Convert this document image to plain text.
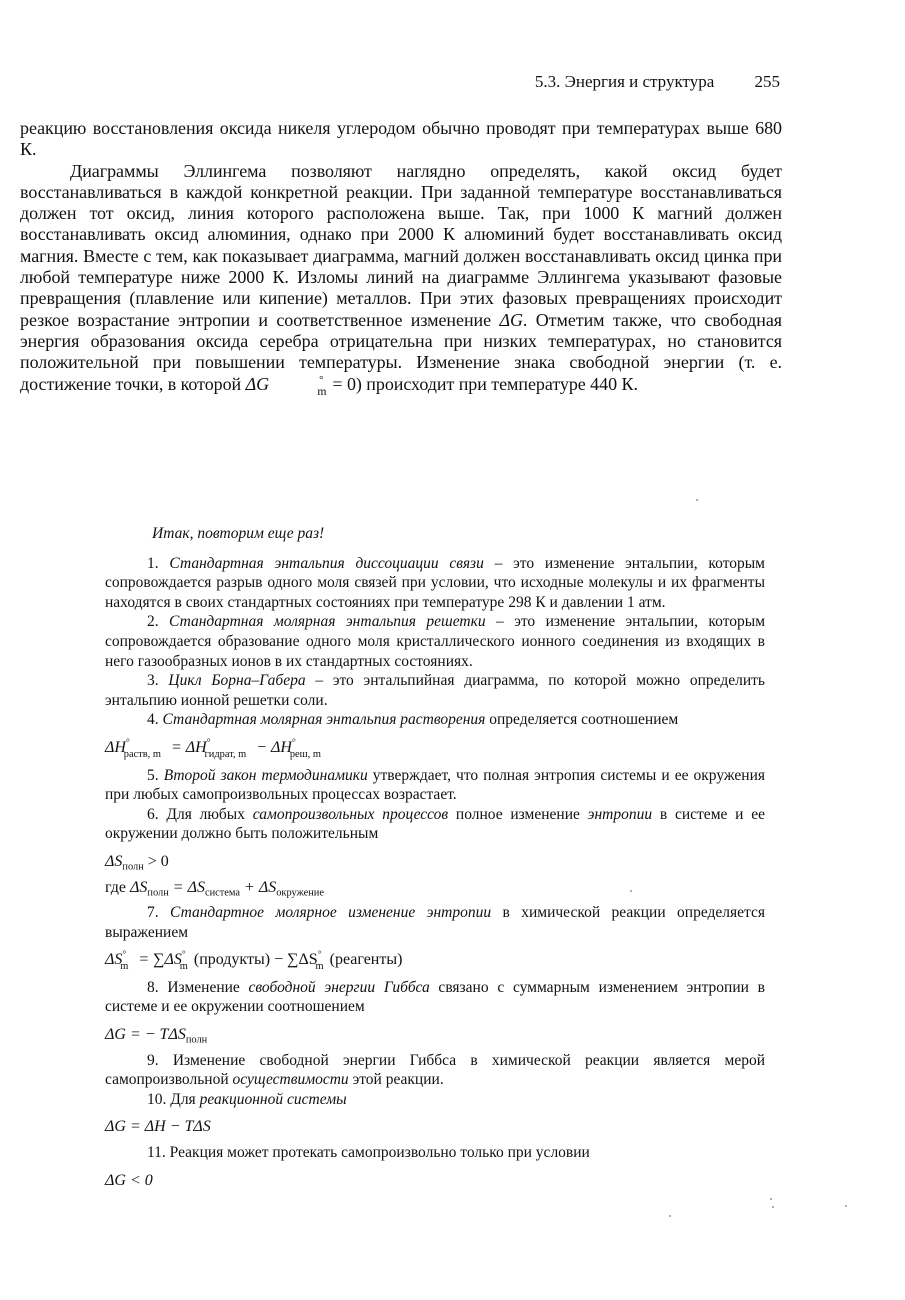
5.3. Энергия и структура 255

реакцию восстановления оксида никеля углеродом обычно проводят при температурах выше 680 К.

Диаграммы Эллингема позволяют наглядно определять, какой оксид будет восстанавливаться в каждой конкретной реакции. При заданной температуре восстанавливаться должен тот оксид, линия которого расположена выше. Так, при 1000 К магний должен восстанавливать оксид алюминия, однако при 2000 К алюминий будет восстанавливать оксид магния. Вместе с тем, как показывает диаграмма, магний должен восстанавливать оксид цинка при любой температуре ниже 2000 К. Изломы линий на диаграмме Эллингема указывают фазовые превращения (плавление или кипение) металлов. При этих фазовых превращениях происходит резкое возрастание энтропии и соответственное изменение ΔG. Отметим также, что свободная энергия образования оксида серебра отрицательна при низких температурах, но становится положительной при повышении температуры. Изменение знака свободной энергии (т. е. достижение точки, в которой ΔG	°$_m$ = 0) происходит при температуре 440 К.

Итак, повторим еще раз!

1. Стандартная энтальпия диссоциации связи – это изменение энтальпии, которым сопровождается разрыв одного моля связей при условии, что исходные молекулы и их фрагменты находятся в своих стандартных состояниях при температуре 298 К и давлении 1 атм.

2. Стандартная молярная энтальпия решетки – это изменение энтальпии, которым сопровождается образование одного моля кристаллического ионного соединения из входящих в него газообразных ионов в их стандартных состояниях.

3. Цикл Борна–Габера – это энтальпийная диаграмма, по которой можно определить энтальпию ионной решетки соли.

4. Стандартная молярная энтальпия растворения определяется соотношением

$\Delta H^\circ_{раств, m} = \Delta H^\circ_{гидрат, m} - \Delta H^\circ_{реш, m}$

5. Второй закон термодинамики утверждает, что полная энтропия системы и ее окружения при любых самопроизвольных процессах возрастает.

6. Для любых самопроизвольных процессов полное изменение энтропии в системе и ее окружении должно быть положительным

$\Delta S_{полн} > 0$

где $\Delta S_{полн} = \Delta S_{система} + \Delta S_{окружение}$

7. Стандартное молярное изменение энтропии в химической реакции определяется выражением

$\Delta S^\circ_m = \sum\Delta S^\circ_m$ (продукты) − $\sum\Delta S^\circ_m$ (реагенты)

8. Изменение свободной энергии Гиббса связано с суммарным изменением энтропии в системе и ее окружении соотношением

ΔG = − $T\Delta S_{полн}$

9. Изменение свободной энергии Гиббса в химической реакции является мерой самопроизвольной осуществимости этой реакции.

10. Для реакционной системы

ΔG = ΔH − TΔS

11. Реакция может протекать самопроизвольно только при условии

ΔG < 0
